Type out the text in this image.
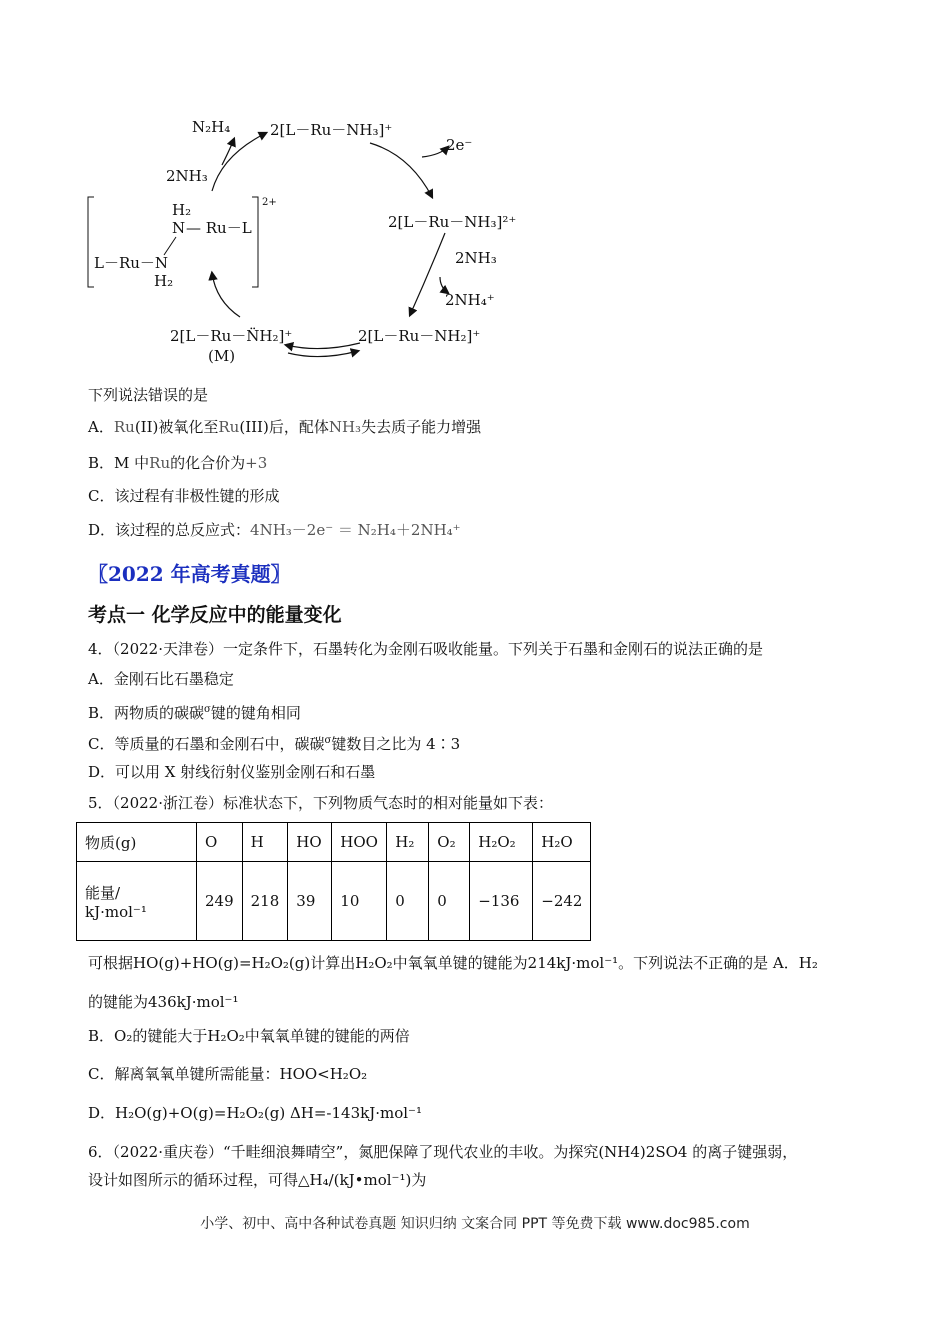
N₂H₄	2[L－Ru－NH₃]⁺
2e⁻
2[L－Ru－NH₃]²⁺
2NH₃
2NH₄⁺
2[L－Ru－NH₂]⁺
2[L－Ru－N̈H₂]⁺
(M)
2NH₃
2+
H₂
N — Ru－L
L－Ru－N
H₂
下列说法错误的是
A．Ru(II)被氧化至Ru(III)后，配体NH₃失去质子能力增强
B．M 中Ru的化合价为+3
C．该过程有非极性键的形成
D．该过程的总反应式：4NH₃－2e⁻ ＝ N₂H₄＋2NH₄⁺
〖2022 年高考真题〗
考点一 化学反应中的能量变化
4．（2022·天津卷）一定条件下，石墨转化为金刚石吸收能量。下列关于石墨和金刚石的说法正确的是
A．金刚石比石墨稳定
B．两物质的碳碳$^\sigma$键的键角相同
C．等质量的石墨和金刚石中，碳碳$^\sigma$键数目之比为 4∶3
D．可以用 X 射线衍射仪鉴别金刚石和石墨
5．（2022·浙江卷）标准状态下，下列物质气态时的相对能量如下表：
物质(g)	O	H	HO	HOO	H₂	O₂	H₂O₂	H₂O
能量/
kJ·mol⁻¹	249	218	39	10	0	0	−136	−242
可根据HO(g)+HO(g)=H₂O₂(g)计算出H₂O₂中氧氧单键的键能为214kJ·mol⁻¹。下列说法不正确的是 A．H₂
的键能为436kJ·mol⁻¹
B．O₂的键能大于H₂O₂中氧氧单键的键能的两倍
C．解离氧氧单键所需能量：HOO<H₂O₂
D．H₂O(g)+O(g)=H₂O₂(g) ΔH=-143kJ·mol⁻¹
6．（2022·重庆卷）“千畦细浪舞晴空”，氮肥保障了现代农业的丰收。为探究(NH4)2SO4 的离子键强弱，
设计如图所示的循环过程，可得△H₄/(kJ•mol⁻¹)为
小学、初中、高中各种试卷真题 知识归纳 文案合同 PPT 等免费下载 www.doc985.com
